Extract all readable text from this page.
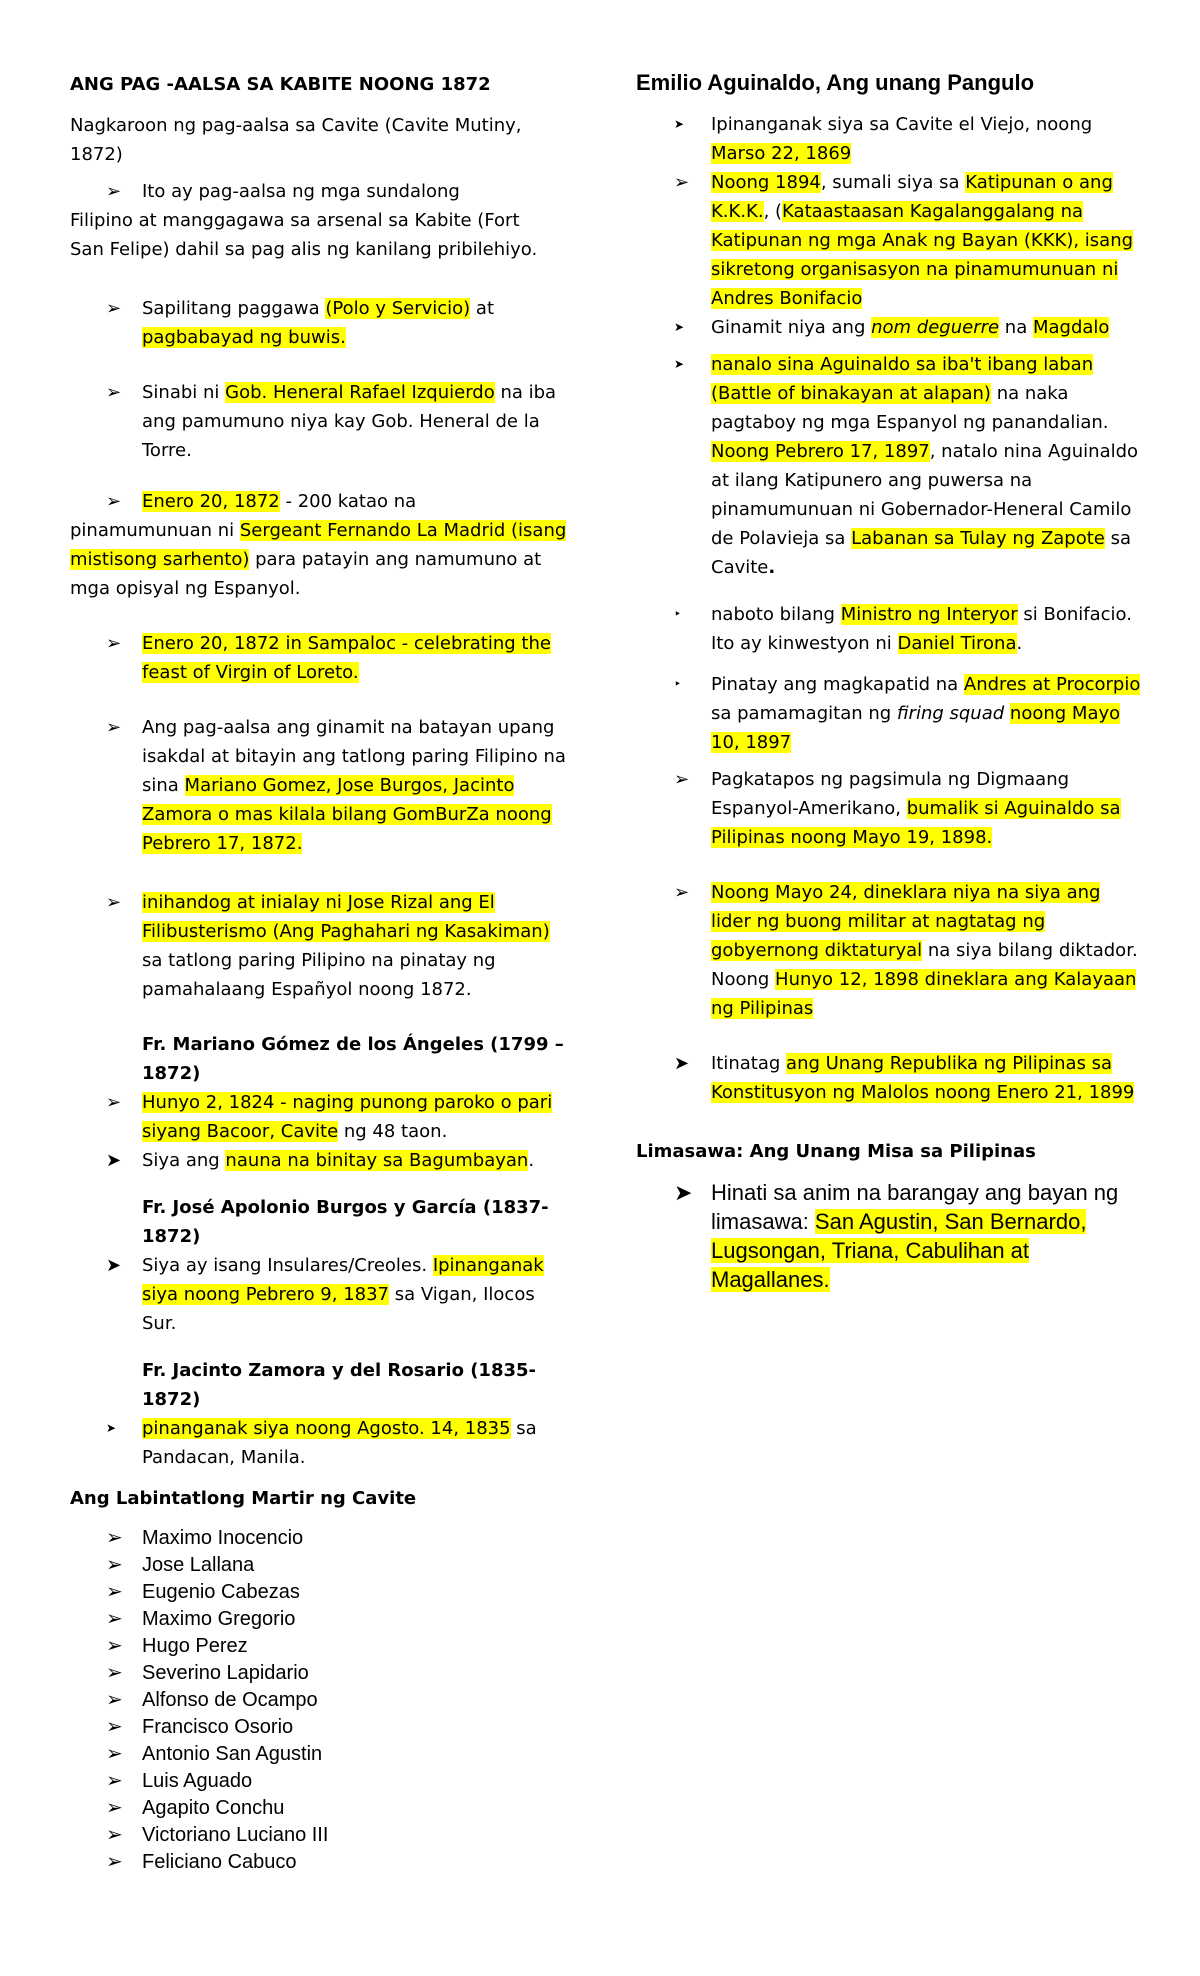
ANG PAG -AALSA SA KABITE NOONG 1872

Nagkaroon ng pag-aalsa sa Cavite (Cavite Mutiny, 1872)

➢	Ito ay pag-aalsa ng mga sundalong

Filipino at manggagawa sa arsenal sa Kabite (Fort San Felipe) dahil sa pag alis ng kanilang pribilehiyo.

➢	Sapilitang paggawa (Polo y Servicio) at pagbabayad ng buwis.

➢	Sinabi ni Gob. Heneral Rafael Izquierdo na iba ang pamumuno niya kay Gob. Heneral de la Torre.

➢	Enero 20, 1872 - 200 katao na

pinamumunuan ni Sergeant Fernando La Madrid (isang mistisong sarhento) para patayin ang namumuno at mga opisyal ng Espanyol.

➢	Enero 20, 1872 in Sampaloc - celebrating the feast of Virgin of Loreto.

➢	Ang pag-aalsa ang ginamit na batayan upang isakdal at bitayin ang tatlong paring Filipino na sina Mariano Gomez, Jose Burgos, Jacinto Zamora o mas kilala bilang GomBurZa noong Pebrero 17, 1872.

➢	inihandog at inialay ni Jose Rizal ang El Filibusterismo (Ang Paghahari ng Kasakiman) sa tatlong paring Pilipino na pinatay ng pamahalaang Españyol noong 1872.

Fr. Mariano Gómez de los Ángeles (1799 – 1872)

➢	Hunyo 2, 1824 - naging punong paroko o pari siyang Bacoor, Cavite ng 48 taon.

➤	Siya ang nauna na binitay sa Bagumbayan.

Fr. José Apolonio Burgos y García (1837-1872)

➤	Siya ay isang Insulares/Creoles. Ipinanganak siya noong Pebrero 9, 1837 sa Vigan, Ilocos Sur.

Fr. Jacinto Zamora y del Rosario (1835-1872)

➤	pinanganak siya noong Agosto. 14, 1835 sa Pandacan, Manila.

Ang Labintatlong Martir ng Cavite

➢ Maximo Inocencio

➢ Jose Lallana

➢ Eugenio Cabezas

➢ Maximo Gregorio

➢ Hugo Perez

➢ Severino Lapidario

➢ Alfonso de Ocampo

➢ Francisco Osorio

➢ Antonio San Agustin

➢ Luis Aguado

➢ Agapito Conchu

➢ Victoriano Luciano III

➢ Feliciano Cabuco

Emilio Aguinaldo, Ang unang Pangulo

➤	Ipinanganak siya sa Cavite el Viejo, noong Marso 22, 1869

➢	Noong 1894, sumali siya sa Katipunan o ang K.K.K., (Kataastaasan Kagalanggalang na Katipunan ng mga Anak ng Bayan (KKK), isang sikretong organisasyon na pinamumunuan ni Andres Bonifacio

➤	Ginamit niya ang nom deguerre na Magdalo

➤	nanalo sina Aguinaldo sa iba't ibang laban (Battle of binakayan at alapan) na naka pagtaboy ng mga Espanyol ng panandalian. Noong Pebrero 17, 1897, natalo nina Aguinaldo at ilang Katipunero ang puwersa na pinamumunuan ni Gobernador-Heneral Camilo de Polavieja sa Labanan sa Tulay ng Zapote sa Cavite.

‣	naboto bilang Ministro ng Interyor si Bonifacio. Ito ay kinwestyon ni Daniel Tirona.

‣	Pinatay ang magkapatid na Andres at Procorpio sa pamamagitan ng firing squad noong Mayo 10, 1897

➢	Pagkatapos ng pagsimula ng Digmaang Espanyol-Amerikano, bumalik si Aguinaldo sa Pilipinas noong Mayo 19, 1898.

➢	Noong Mayo 24, dineklara niya na siya ang lider ng buong militar at nagtatag ng gobyernong diktaturyal na siya bilang diktador.

Noong Hunyo 12, 1898 dineklara ang Kalayaan ng Pilipinas

➤	Itinatag ang Unang Republika ng Pilipinas sa Konstitusyon ng Malolos noong Enero 21, 1899

Limasawa: Ang Unang Misa sa Pilipinas

➤ Hinati sa anim na barangay ang bayan ng limasawa: San Agustin, San Bernardo, Lugsongan, Triana, Cabulihan at Magallanes.
